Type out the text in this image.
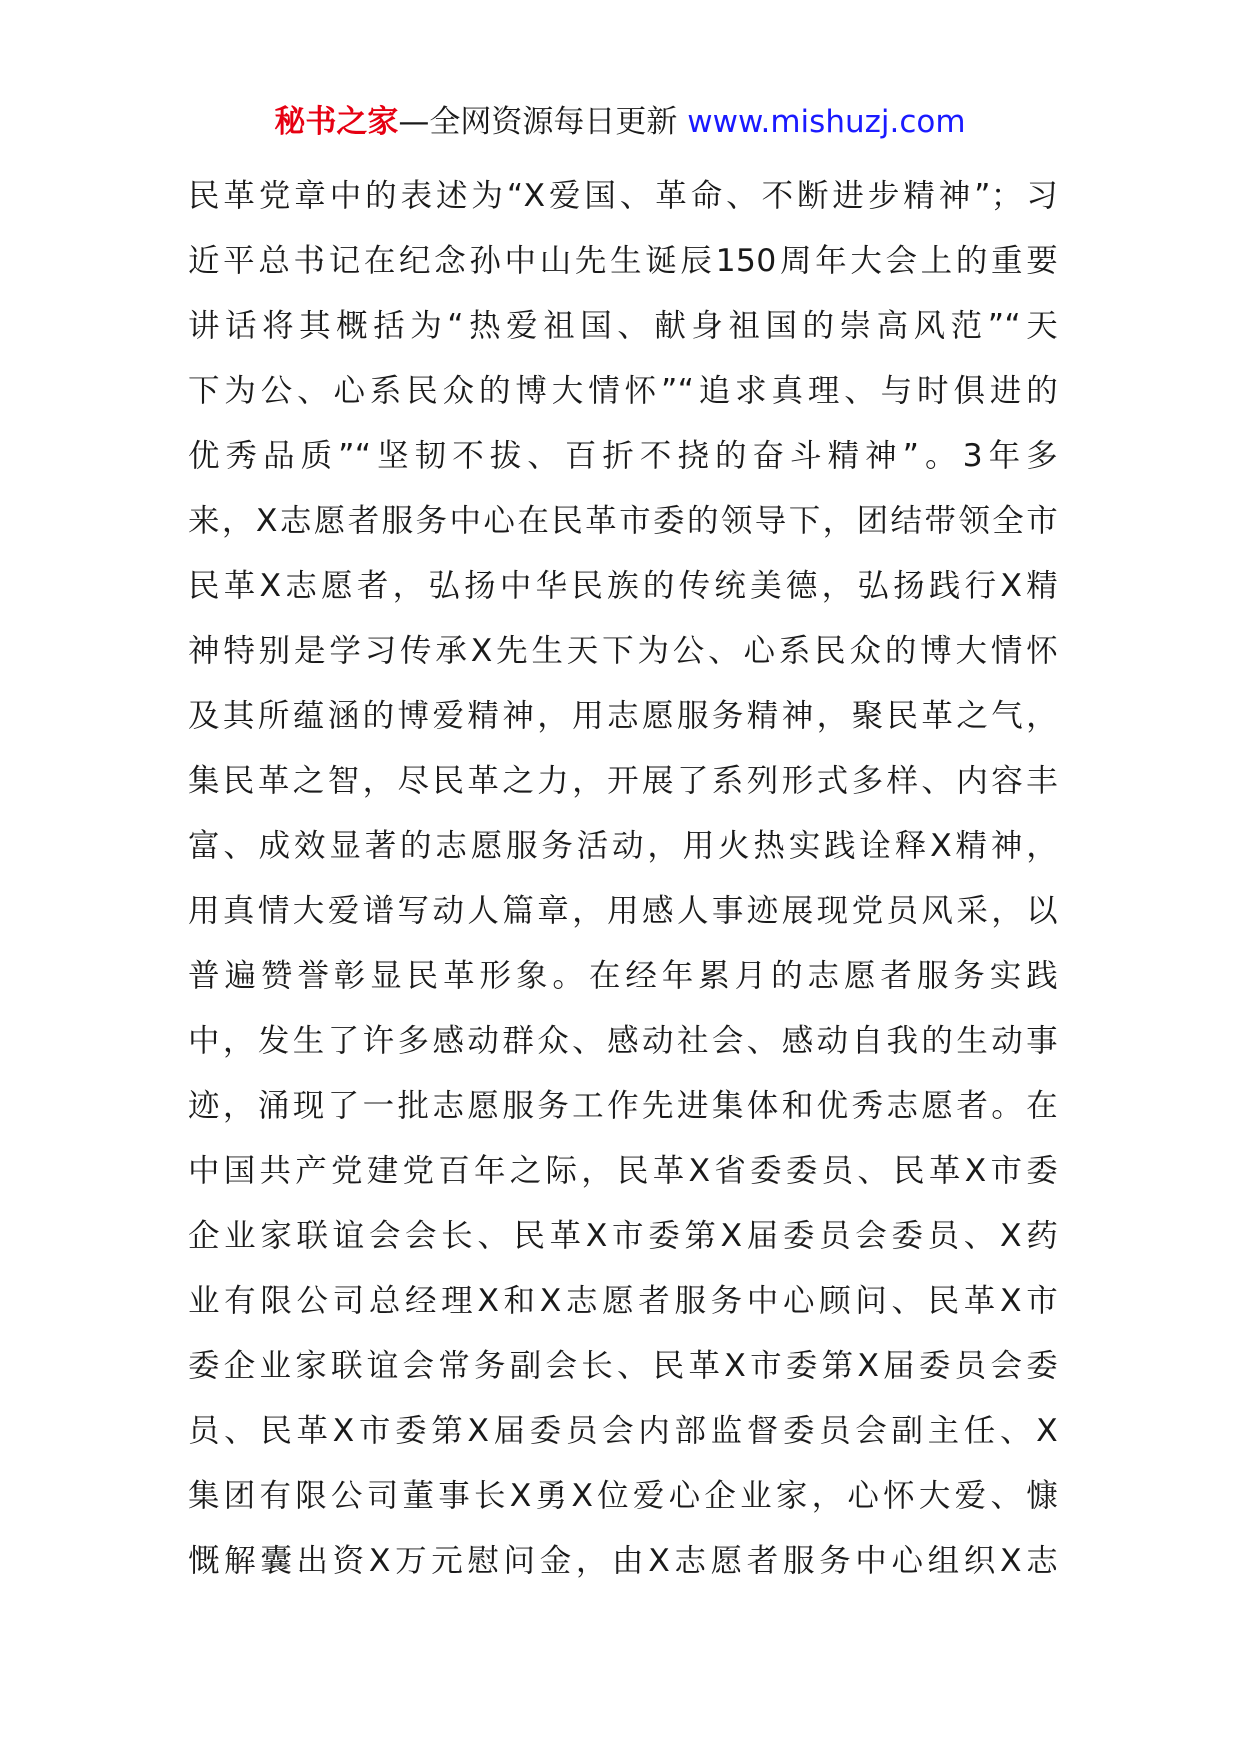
秘书之家—全网资源每日更新 www.mishuzj.com
民革党章中的表述为“X爱国、革命、不断进步精神”；习
近平总书记在纪念孙中山先生诞辰150周年大会上的重要
讲话将其概括为“热爱祖国、献身祖国的崇高风范”“天
下为公、心系民众的博大情怀”“追求真理、与时俱进的
优秀品质”“坚韧不拔、百折不挠的奋斗精神”。3年多
来，X志愿者服务中心在民革市委的领导下，团结带领全市
民革X志愿者，弘扬中华民族的传统美德，弘扬践行X精
神特别是学习传承X先生天下为公、心系民众的博大情怀
及其所蕴涵的博爱精神，用志愿服务精神，聚民革之气，
集民革之智，尽民革之力，开展了系列形式多样、内容丰
富、成效显著的志愿服务活动，用火热实践诠释X精神，
用真情大爱谱写动人篇章，用感人事迹展现党员风采，以
普遍赞誉彰显民革形象。在经年累月的志愿者服务实践
中，发生了许多感动群众、感动社会、感动自我的生动事
迹，涌现了一批志愿服务工作先进集体和优秀志愿者。在
中国共产党建党百年之际，民革X省委委员、民革X市委
企业家联谊会会长、民革X市委第X届委员会委员、X药
业有限公司总经理X和X志愿者服务中心顾问、民革X市
委企业家联谊会常务副会长、民革X市委第X届委员会委
员、民革X市委第X届委员会内部监督委员会副主任、X
集团有限公司董事长X勇X位爱心企业家，心怀大爱、慷
慨解囊出资X万元慰问金，由X志愿者服务中心组织X志
